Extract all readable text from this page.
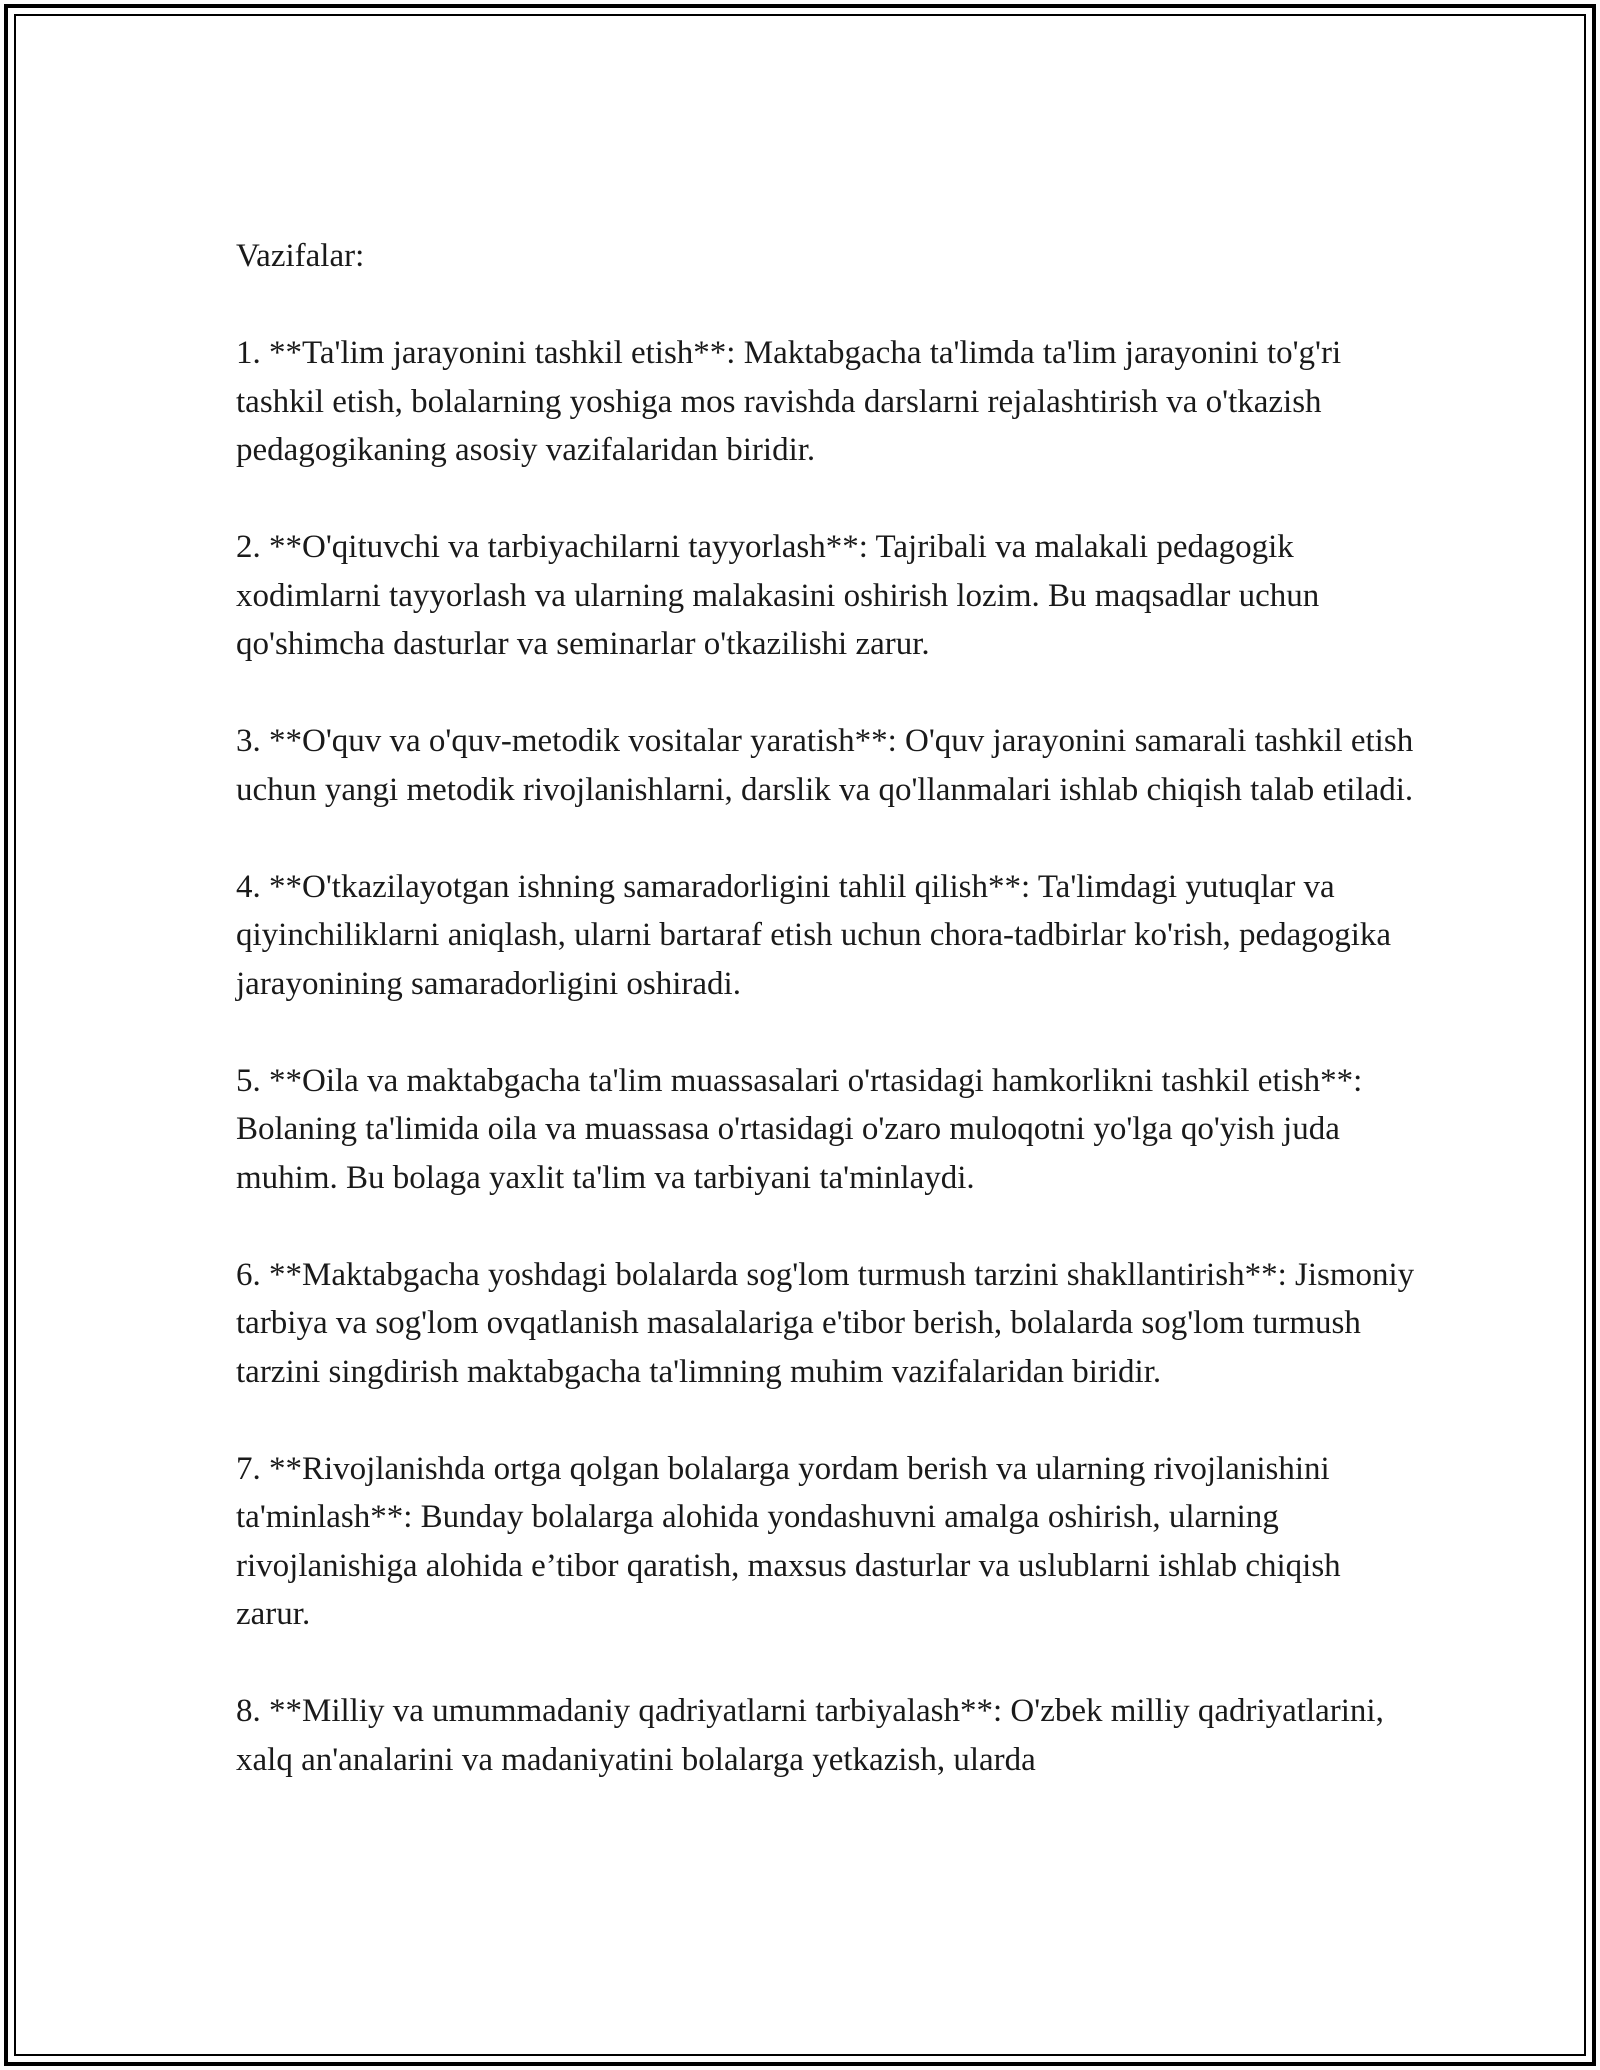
Vazifalar:

1. **Ta'lim jarayonini tashkil etish**: Maktabgacha ta'limda ta'lim jarayonini to'g'ri tashkil etish, bolalarning yoshiga mos ravishda darslarni rejalashtirish va o'tkazish pedagogikaning asosiy vazifalaridan biridir.

2. **O'qituvchi va tarbiyachilarni tayyorlash**: Tajribali va malakali pedagogik xodimlarni tayyorlash va ularning malakasini oshirish lozim. Bu maqsadlar uchun qo'shimcha dasturlar va seminarlar o'tkazilishi zarur.

3. **O'quv va o'quv-metodik vositalar yaratish**: O'quv jarayonini samarali tashkil etish uchun yangi metodik rivojlanishlarni, darslik va qo'llanmalari ishlab chiqish talab etiladi.

4. **O'tkazilayotgan ishning samaradorligini tahlil qilish**: Ta'limdagi yutuqlar va qiyinchiliklarni aniqlash, ularni bartaraf etish uchun chora-tadbirlar ko'rish, pedagogika jarayonining samaradorligini oshiradi.

5. **Oila va maktabgacha ta'lim muassasalari o'rtasidagi hamkorlikni tashkil etish**: Bolaning ta'limida oila va muassasa o'rtasidagi o'zaro muloqotni yo'lga qo'yish juda muhim. Bu bolaga yaxlit ta'lim va tarbiyani ta'minlaydi.

6. **Maktabgacha yoshdagi bolalarda sog'lom turmush tarzini shakllantirish**: Jismoniy tarbiya va sog'lom ovqatlanish masalalariga e'tibor berish, bolalarda sog'lom turmush tarzini singdirish maktabgacha ta'limning muhim vazifalaridan biridir.

7. **Rivojlanishda ortga qolgan bolalarga yordam berish va ularning rivojlanishini ta'minlash**: Bunday bolalarga alohida yondashuvni amalga oshirish, ularning rivojlanishiga alohida e’tibor qaratish, maxsus dasturlar va uslublarni ishlab chiqish zarur.

8. **Milliy va umummadaniy qadriyatlarni tarbiyalash**: O'zbek milliy qadriyatlarini, xalq an'analarini va madaniyatini bolalarga yetkazish, ularda
